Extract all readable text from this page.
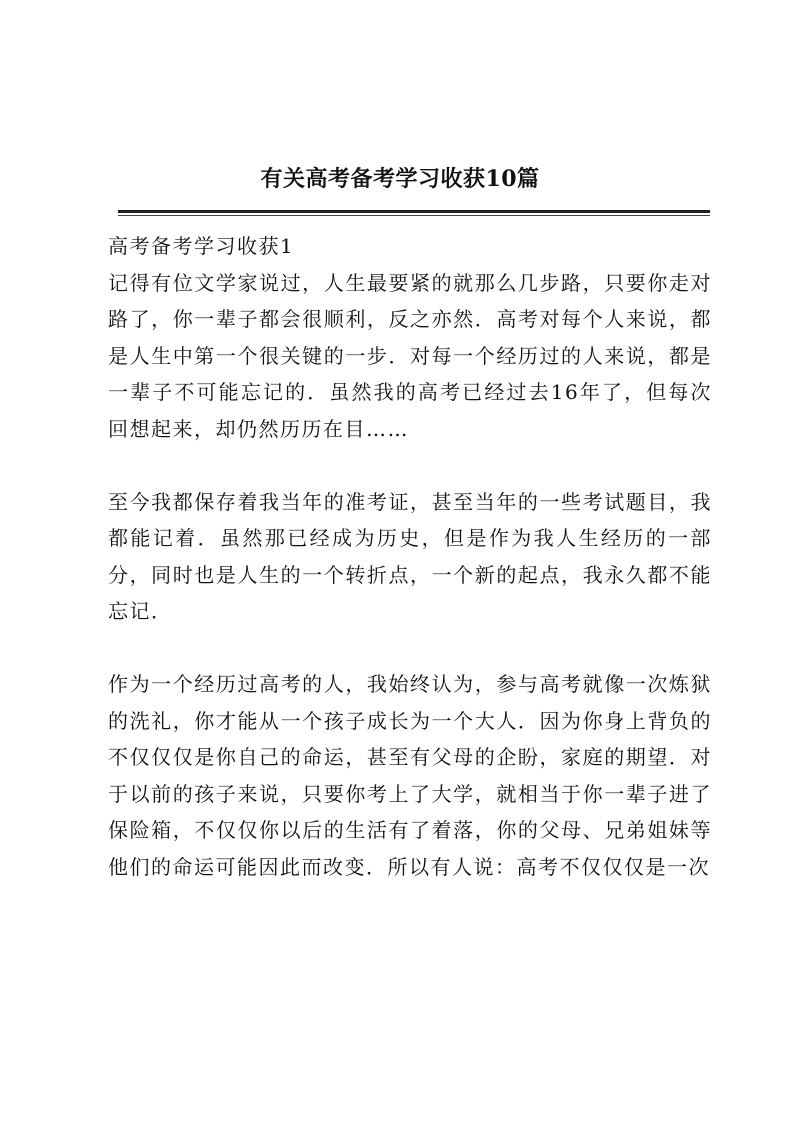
有关高考备考学习收获10篇
高考备考学习收获1

记得有位文学家说过，人生最要紧的就那么几步路，只要你走对路了，你一辈子都会很顺利，反之亦然．高考对每个人来说，都是人生中第一个很关键的一步．对每一个经历过的人来说，都是一辈子不可能忘记的．虽然我的高考已经过去16年了，但每次回想起来，却仍然历历在目……

至今我都保存着我当年的准考证，甚至当年的一些考试题目，我都能记着．虽然那已经成为历史，但是作为我人生经历的一部分，同时也是人生的一个转折点，一个新的起点，我永久都不能忘记．

作为一个经历过高考的人，我始终认为，参与高考就像一次炼狱的洗礼，你才能从一个孩子成长为一个大人．因为你身上背负的不仅仅仅是你自己的命运，甚至有父母的企盼，家庭的期望．对于以前的孩子来说，只要你考上了大学，就相当于你一辈子进了保险箱，不仅仅你以后的生活有了着落，你的父母、兄弟姐妹等他们的命运可能因此而改变．所以有人说：高考不仅仅仅是一次
